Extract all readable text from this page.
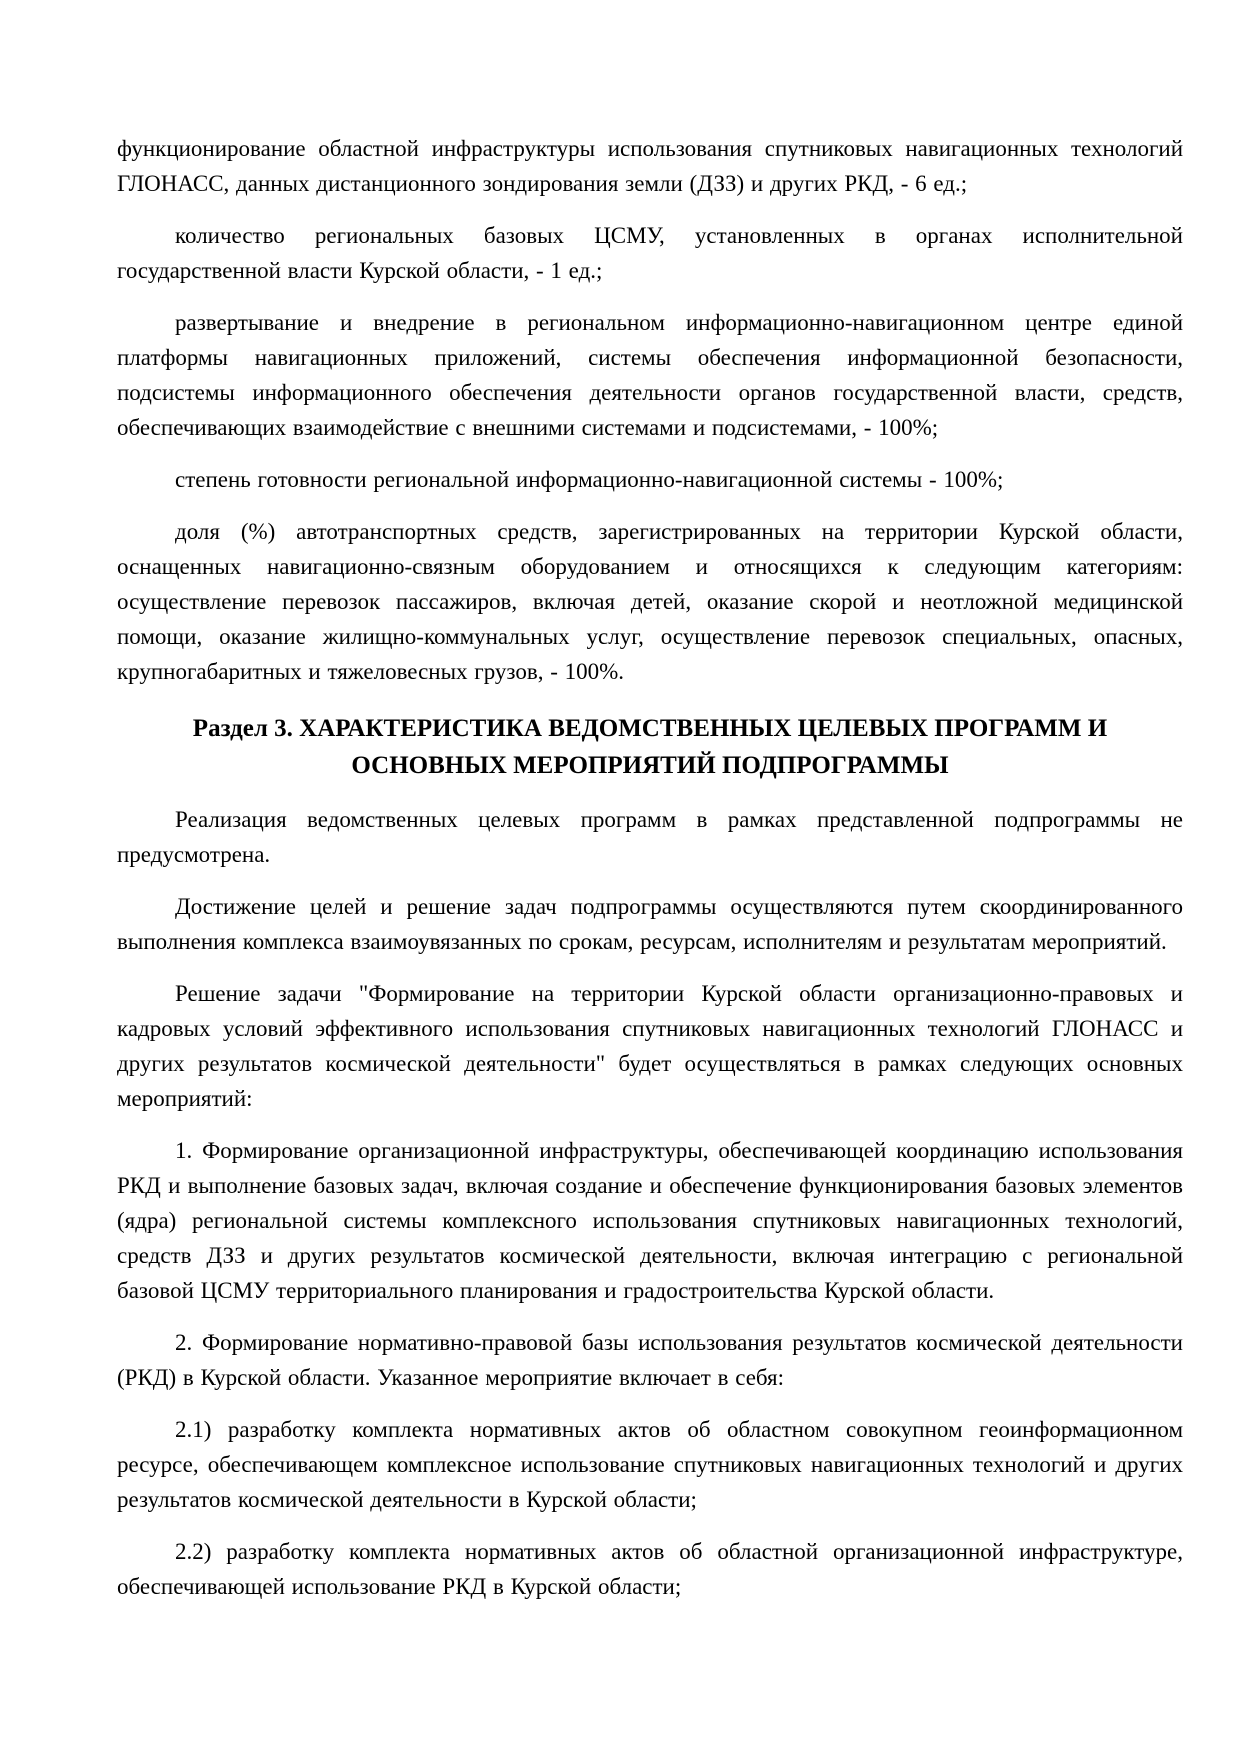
функционирование областной инфраструктуры использования спутниковых навигационных технологий ГЛОНАСС, данных дистанционного зондирования земли (ДЗЗ) и других РКД, - 6 ед.;

количество региональных базовых ЦСМУ, установленных в органах исполнительной государственной власти Курской области, - 1 ед.;

развертывание и внедрение в региональном информационно-навигационном центре единой платформы навигационных приложений, системы обеспечения информационной безопасности, подсистемы информационного обеспечения деятельности органов государственной власти, средств, обеспечивающих взаимодействие с внешними системами и подсистемами, - 100%;

степень готовности региональной информационно-навигационной системы - 100%;

доля (%) автотранспортных средств, зарегистрированных на территории Курской области, оснащенных навигационно-связным оборудованием и относящихся к следующим категориям: осуществление перевозок пассажиров, включая детей, оказание скорой и неотложной медицинской помощи, оказание жилищно-коммунальных услуг, осуществление перевозок специальных, опасных, крупногабаритных и тяжеловесных грузов, - 100%.

Раздел 3. ХАРАКТЕРИСТИКА ВЕДОМСТВЕННЫХ ЦЕЛЕВЫХ ПРОГРАММ И ОСНОВНЫХ МЕРОПРИЯТИЙ ПОДПРОГРАММЫ

Реализация ведомственных целевых программ в рамках представленной подпрограммы не предусмотрена.

Достижение целей и решение задач подпрограммы осуществляются путем скоординированного выполнения комплекса взаимоувязанных по срокам, ресурсам, исполнителям и результатам мероприятий.

Решение задачи "Формирование на территории Курской области организационно-правовых и кадровых условий эффективного использования спутниковых навигационных технологий ГЛОНАСС и других результатов космической деятельности" будет осуществляться в рамках следующих основных мероприятий:

1. Формирование организационной инфраструктуры, обеспечивающей координацию использования РКД и выполнение базовых задач, включая создание и обеспечение функционирования базовых элементов (ядра) региональной системы комплексного использования спутниковых навигационных технологий, средств ДЗЗ и других результатов космической деятельности, включая интеграцию с региональной базовой ЦСМУ территориального планирования и градостроительства Курской области.

2. Формирование нормативно-правовой базы использования результатов космической деятельности (РКД) в Курской области. Указанное мероприятие включает в себя:

2.1) разработку комплекта нормативных актов об областном совокупном геоинформационном ресурсе, обеспечивающем комплексное использование спутниковых навигационных технологий и других результатов космической деятельности в Курской области;

2.2) разработку комплекта нормативных актов об областной организационной инфраструктуре, обеспечивающей использование РКД в Курской области;
